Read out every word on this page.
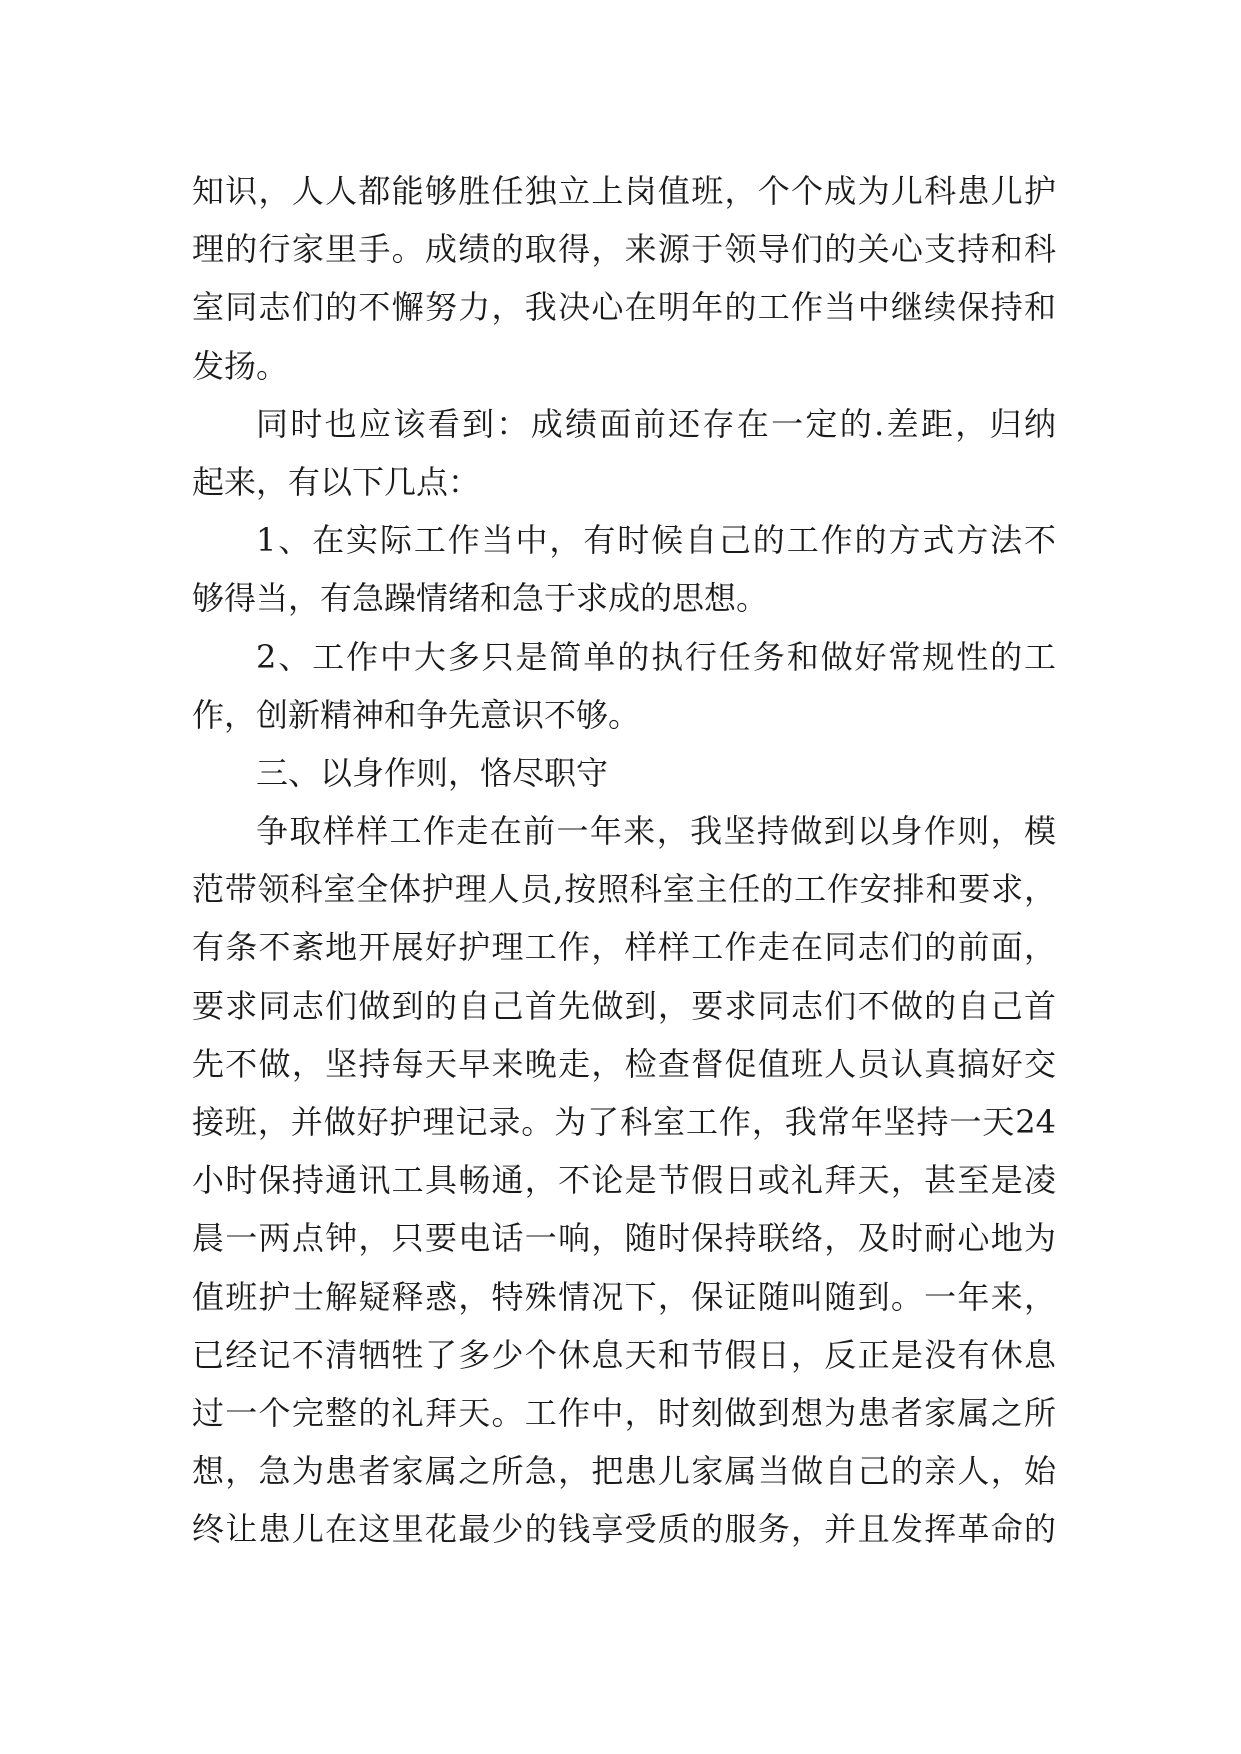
知识，人人都能够胜任独立上岗值班，个个成为儿科患儿护
理的行家里手。成绩的取得，来源于领导们的关心支持和科
室同志们的不懈努力，我决心在明年的工作当中继续保持和
发扬。
同时也应该看到：成绩面前还存在一定的.差距，归纳
起来，有以下几点：
1、在实际工作当中，有时候自己的工作的方式方法不
够得当，有急躁情绪和急于求成的思想。
2、工作中大多只是简单的执行任务和做好常规性的工
作，创新精神和争先意识不够。
三、以身作则，恪尽职守
争取样样工作走在前一年来，我坚持做到以身作则，模
范带领科室全体护理人员,按照科室主任的工作安排和要求，
有条不紊地开展好护理工作，样样工作走在同志们的前面，
要求同志们做到的自己首先做到，要求同志们不做的自己首
先不做，坚持每天早来晚走，检查督促值班人员认真搞好交
接班，并做好护理记录。为了科室工作，我常年坚持一天24
小时保持通讯工具畅通，不论是节假日或礼拜天，甚至是凌
晨一两点钟，只要电话一响，随时保持联络，及时耐心地为
值班护士解疑释惑，特殊情况下，保证随叫随到。一年来，
已经记不清牺牲了多少个休息天和节假日，反正是没有休息
过一个完整的礼拜天。工作中，时刻做到想为患者家属之所
想，急为患者家属之所急，把患儿家属当做自己的亲人，始
终让患儿在这里花最少的钱享受质的服务，并且发挥革命的
